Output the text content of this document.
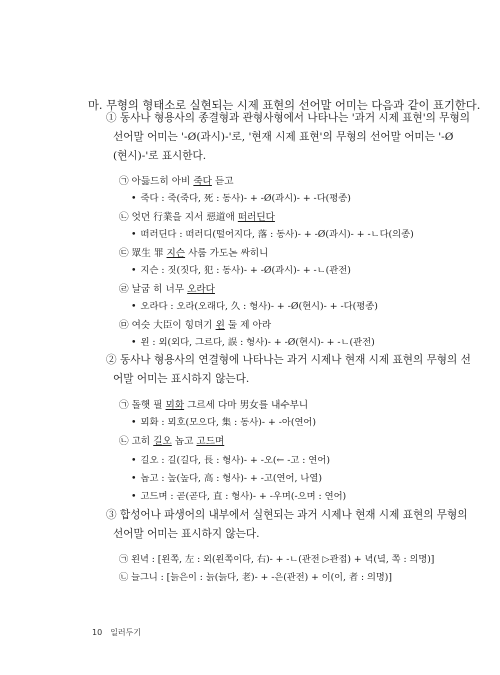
마. 무형의 형태소로 실현되는 시제 표현의 선어말 어미는 다음과 같이 표기한다.
① 동사나 형용사의 종결형과 관형사형에서 나타나는 '과거 시제 표현'의 무형의
선어말 어미는 '-Ø(과시)-'로, '현재 시제 표현'의 무형의 선어말 어미는 '-Ø
(현시)-'로 표시한다.
㉠ 아듫드히 아비 죽다 듣고
• 죽다 : 죽(죽다, 死 : 동사)- + -Ø(과시)- + -다(평종)
㉡ 엇뎐 行業을 지서 惡道애 떠러딘다
• 떠러딘다 : 떠러디(떨어지다, 落 : 동사)- + -Ø(과시)- + -ㄴ다(의종)
㉢ 眾生 罪 지슨 사룸 가도논 싸히니
• 지슨 : 짓(짓다, 犯 : 동사)- + -Ø(과시)- + -ㄴ(관전)
㉣ 날굽 히 너무 오라다
• 오라다 : 오라(오래다, 久 : 형사)- + -Ø(현시)- + -다(평종)
㉤ 여슷 大臣이 힝뎌기 왼 둘 제 아라
• 왼 : 외(외다, 그르다, 誤 : 형사)- + -Ø(현시)- + -ㄴ(관전)
② 동사나 형용사의 연결형에 나타나는 과거 시제나 현재 시제 표현의 무형의 선
어말 어미는 표시하지 않는다.
㉠ 돌햇 필 뫼화 그르세 다마 男女를 내수부니
• 뫼화 : 뫼호(모으다, 集 : 동사)- + -아(연어)
㉡ 고히 길오 놉고 고드며
• 길오 : 길(길다, 長 : 형사)- + -오(← -고 : 연어)
• 놉고 : 높(높다, 高 : 형사)- + -고(연어, 나열)
• 고드며 : 곧(곧다, 直 : 형사)- + -우며(-으며 : 연어)
③ 합성어나 파생어의 내부에서 실현되는 과거 시제나 현재 시제 표현의 무형의
선어말 어미는 표시하지 않는다.
㉠ 왼녁 : [왼쪽, 左 : 외(왼쪽이다, 右)- + -ㄴ(관전 ▷관접) + 녁(녘, 쪽 : 의명)]
㉡ 늘그니 : [늙은이 : 늙(늙다, 老)- + -은(관전) + 이(이, 者 : 의명)]
10 일러두기
